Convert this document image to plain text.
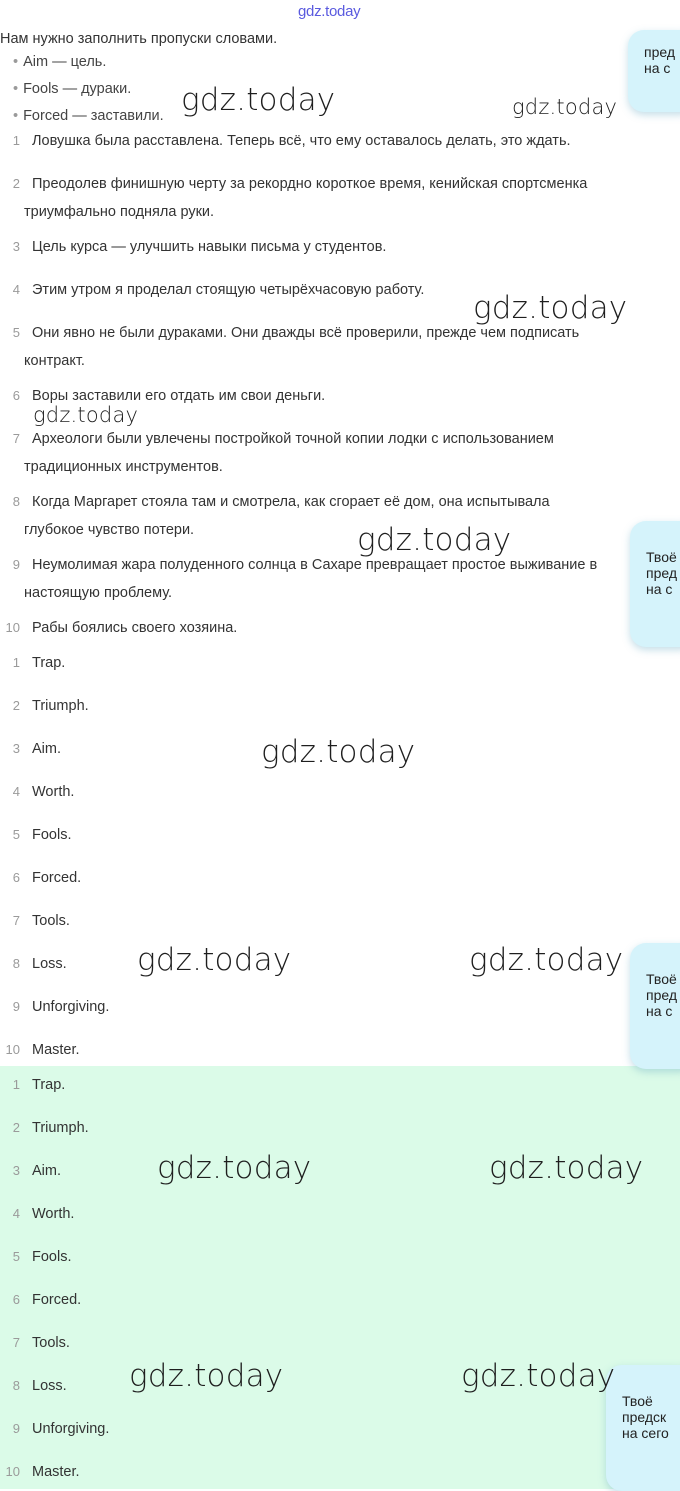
gdz.today
Нам нужно заполнить пропуски словами.
• Aim — цель.
• Fools — дураки.
• Forced — заставили.
1 Ловушка была расставлена. Теперь всё, что ему оставалось делать, это ждать.
2 Преодолев финишную черту за рекордно короткое время, кенийская спортсменка
триумфально подняла руки.
3 Цель курса — улучшить навыки письма у студентов.
4 Этим утром я проделал стоящую четырёхчасовую работу.
5 Они явно не были дураками. Они дважды всё проверили, прежде чем подписать
контракт.
6 Воры заставили его отдать им свои деньги.
7 Археологи были увлечены постройкой точной копии лодки с использованием
традиционных инструментов.
8 Когда Маргарет стояла там и смотрела, как сгорает её дом, она испытывала
глубокое чувство потери.
9 Неумолимая жара полуденного солнца в Сахаре превращает простое выживание в
настоящую проблему.
10 Рабы боялись своего хозяина.
1 Trap.
2 Triumph.
3 Aim.
4 Worth.
5 Fools.
6 Forced.
7 Tools.
8 Loss.
9 Unforgiving.
10 Master.
1 Trap.
2 Triumph.
3 Aim.
4 Worth.
5 Fools.
6 Forced.
7 Tools.
8 Loss.
9 Unforgiving.
10 Master.
пред
на с
Твоё
пред
на с
Твоё
пред
на с
Твоё
предск
на сего
gdz.today	gdz.today
gdz.today
gdz.today
gdz.today
gdz.today
gdz.today	gdz.today
gdz.today	gdz.today
gdz.today	gdz.today
